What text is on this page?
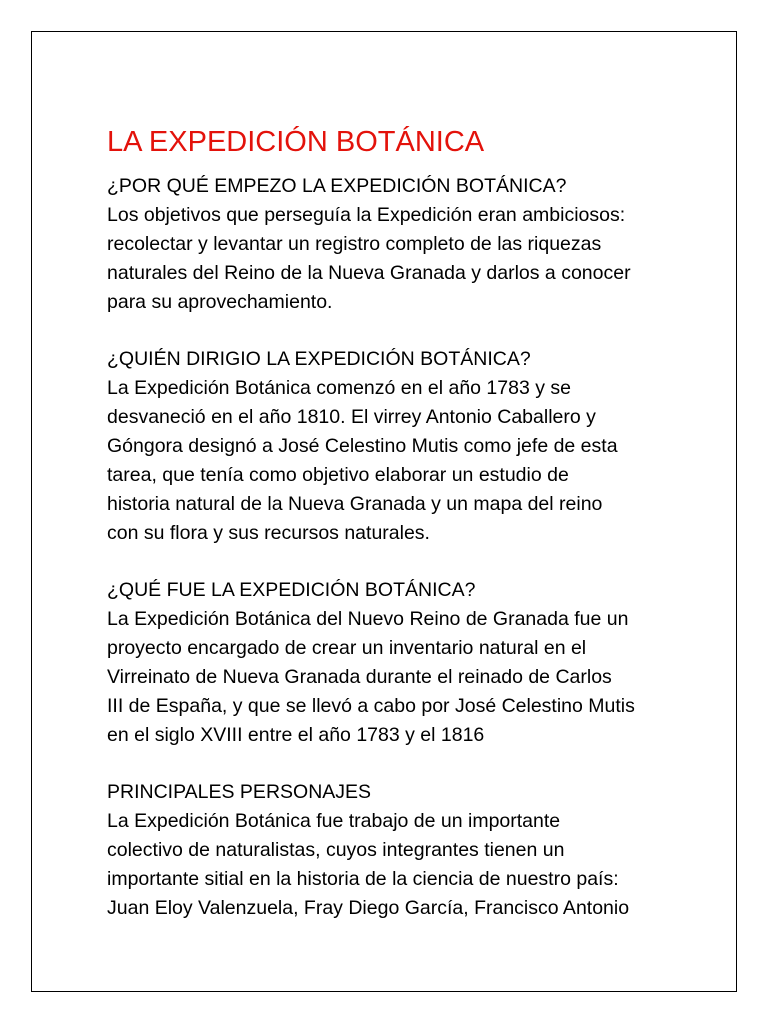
LA EXPEDICIÓN BOTÁNICA
¿POR QUÉ EMPEZO LA EXPEDICIÓN BOTÁNICA?
Los objetivos que perseguía la Expedición eran ambiciosos:
recolectar y levantar un registro completo de las riquezas
naturales del Reino de la Nueva Granada y darlos a conocer
para su aprovechamiento.
¿QUIÉN DIRIGIO LA EXPEDICIÓN BOTÁNICA?
La Expedición Botánica comenzó en el año 1783 y se
desvaneció en el año 1810. El virrey Antonio Caballero y
Góngora designó a José Celestino Mutis como jefe de esta
tarea, que tenía como objetivo elaborar un estudio de
historia natural de la Nueva Granada y un mapa del reino
con su flora y sus recursos naturales.
¿QUÉ FUE LA EXPEDICIÓN BOTÁNICA?
La Expedición Botánica del Nuevo Reino de Granada fue un
proyecto encargado de crear un inventario natural en el
Virreinato de Nueva Granada durante el reinado de Carlos
III de España, y que se llevó a cabo por José Celestino Mutis
en el siglo XVIII entre el año 1783 y el 1816
PRINCIPALES PERSONAJES
La Expedición Botánica fue trabajo de un importante
colectivo de naturalistas, cuyos integrantes tienen un
importante sitial en la historia de la ciencia de nuestro país:
Juan Eloy Valenzuela, Fray Diego García, Francisco Antonio
